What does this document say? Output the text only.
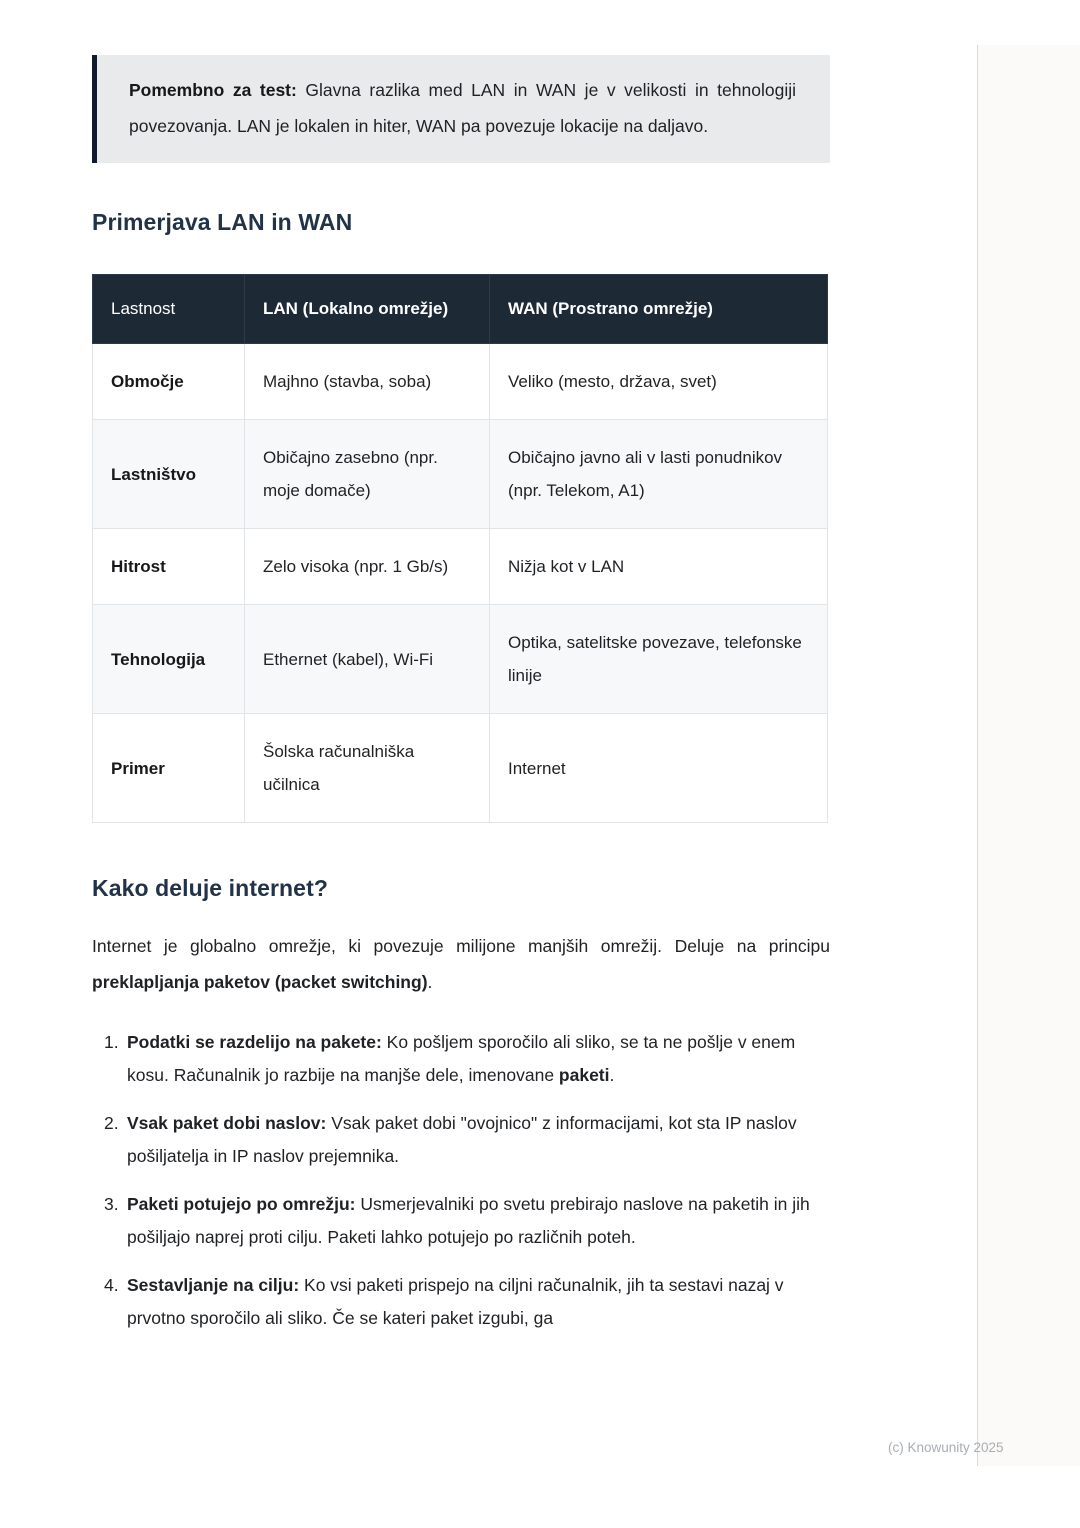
Pomembno za test: Glavna razlika med LAN in WAN je v velikosti in tehnologiji povezovanja. LAN je lokalen in hiter, WAN pa povezuje lokacije na daljavo.
Primerjava LAN in WAN
Lastnost	LAN (Lokalno omrežje)	WAN (Prostrano omrežje)
Območje	Majhno (stavba, soba)	Veliko (mesto, država, svet)
Lastništvo	Običajno zasebno (npr. moje domače)	Običajno javno ali v lasti ponudnikov (npr. Telekom, A1)
Hitrost	Zelo visoka (npr. 1 Gb/s)	Nižja kot v LAN
Tehnologija	Ethernet (kabel), Wi-Fi	Optika, satelitske povezave, telefonske linije
Primer	Šolska računalniška učilnica	Internet
Kako deluje internet?

Internet je globalno omrežje, ki povezuje milijone manjših omrežij. Deluje na principu preklapljanja paketov (packet switching).

1. Podatki se razdelijo na pakete: Ko pošljem sporočilo ali sliko, se ta ne pošlje v enem kosu. Računalnik jo razbije na manjše dele, imenovane paketi.
2. Vsak paket dobi naslov: Vsak paket dobi "ovojnico" z informacijami, kot sta IP naslov pošiljatelja in IP naslov prejemnika.
3. Paketi potujejo po omrežju: Usmerjevalniki po svetu prebirajo naslove na paketih in jih pošiljajo naprej proti cilju. Paketi lahko potujejo po različnih poteh.
4. Sestavljanje na cilju: Ko vsi paketi prispejo na ciljni računalnik, jih ta sestavi nazaj v prvotno sporočilo ali sliko. Če se kateri paket izgubi, ga
(c) Knowunity 2025
